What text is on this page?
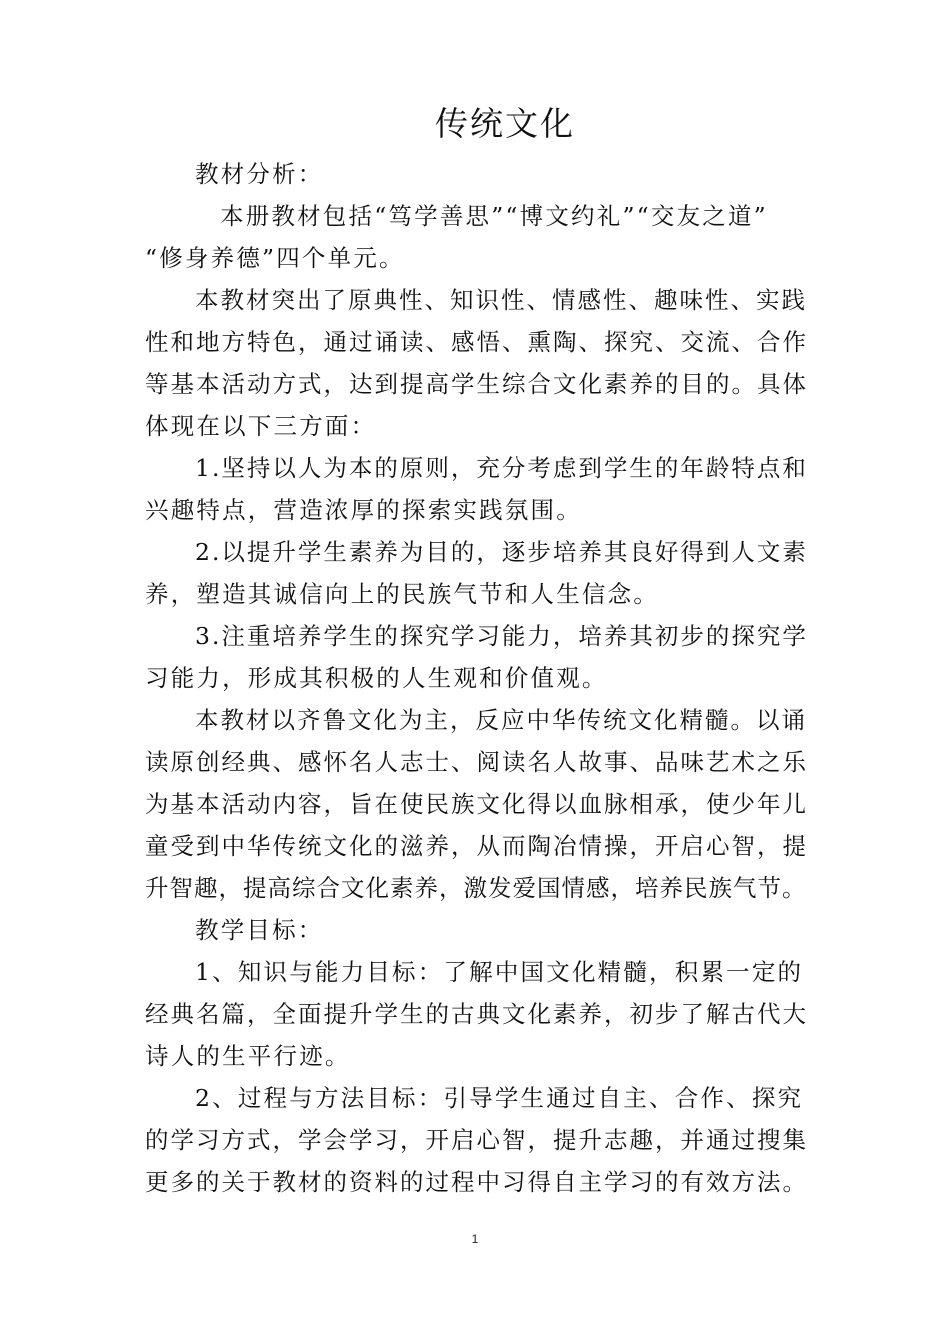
传统文化
教材分析：
本册教材包括“笃学善思”“博文约礼”“交友之道”
“修身养德”四个单元。
本教材突出了原典性、知识性、情感性、趣味性、实践
性和地方特色，通过诵读、感悟、熏陶、探究、交流、合作
等基本活动方式，达到提高学生综合文化素养的目的。具体
体现在以下三方面：
1.坚持以人为本的原则，充分考虑到学生的年龄特点和
兴趣特点，营造浓厚的探索实践氛围。
2.以提升学生素养为目的，逐步培养其良好得到人文素
养，塑造其诚信向上的民族气节和人生信念。
3.注重培养学生的探究学习能力，培养其初步的探究学
习能力，形成其积极的人生观和价值观。
本教材以齐鲁文化为主，反应中华传统文化精髓。以诵
读原创经典、感怀名人志士、阅读名人故事、品味艺术之乐
为基本活动内容，旨在使民族文化得以血脉相承，使少年儿
童受到中华传统文化的滋养，从而陶冶情操，开启心智，提
升智趣，提高综合文化素养，激发爱国情感，培养民族气节。
教学目标：
1、知识与能力目标：了解中国文化精髓，积累一定的
经典名篇，全面提升学生的古典文化素养，初步了解古代大
诗人的生平行迹。
2、过程与方法目标：引导学生通过自主、合作、探究
的学习方式，学会学习，开启心智，提升志趣，并通过搜集
更多的关于教材的资料的过程中习得自主学习的有效方法。
1
